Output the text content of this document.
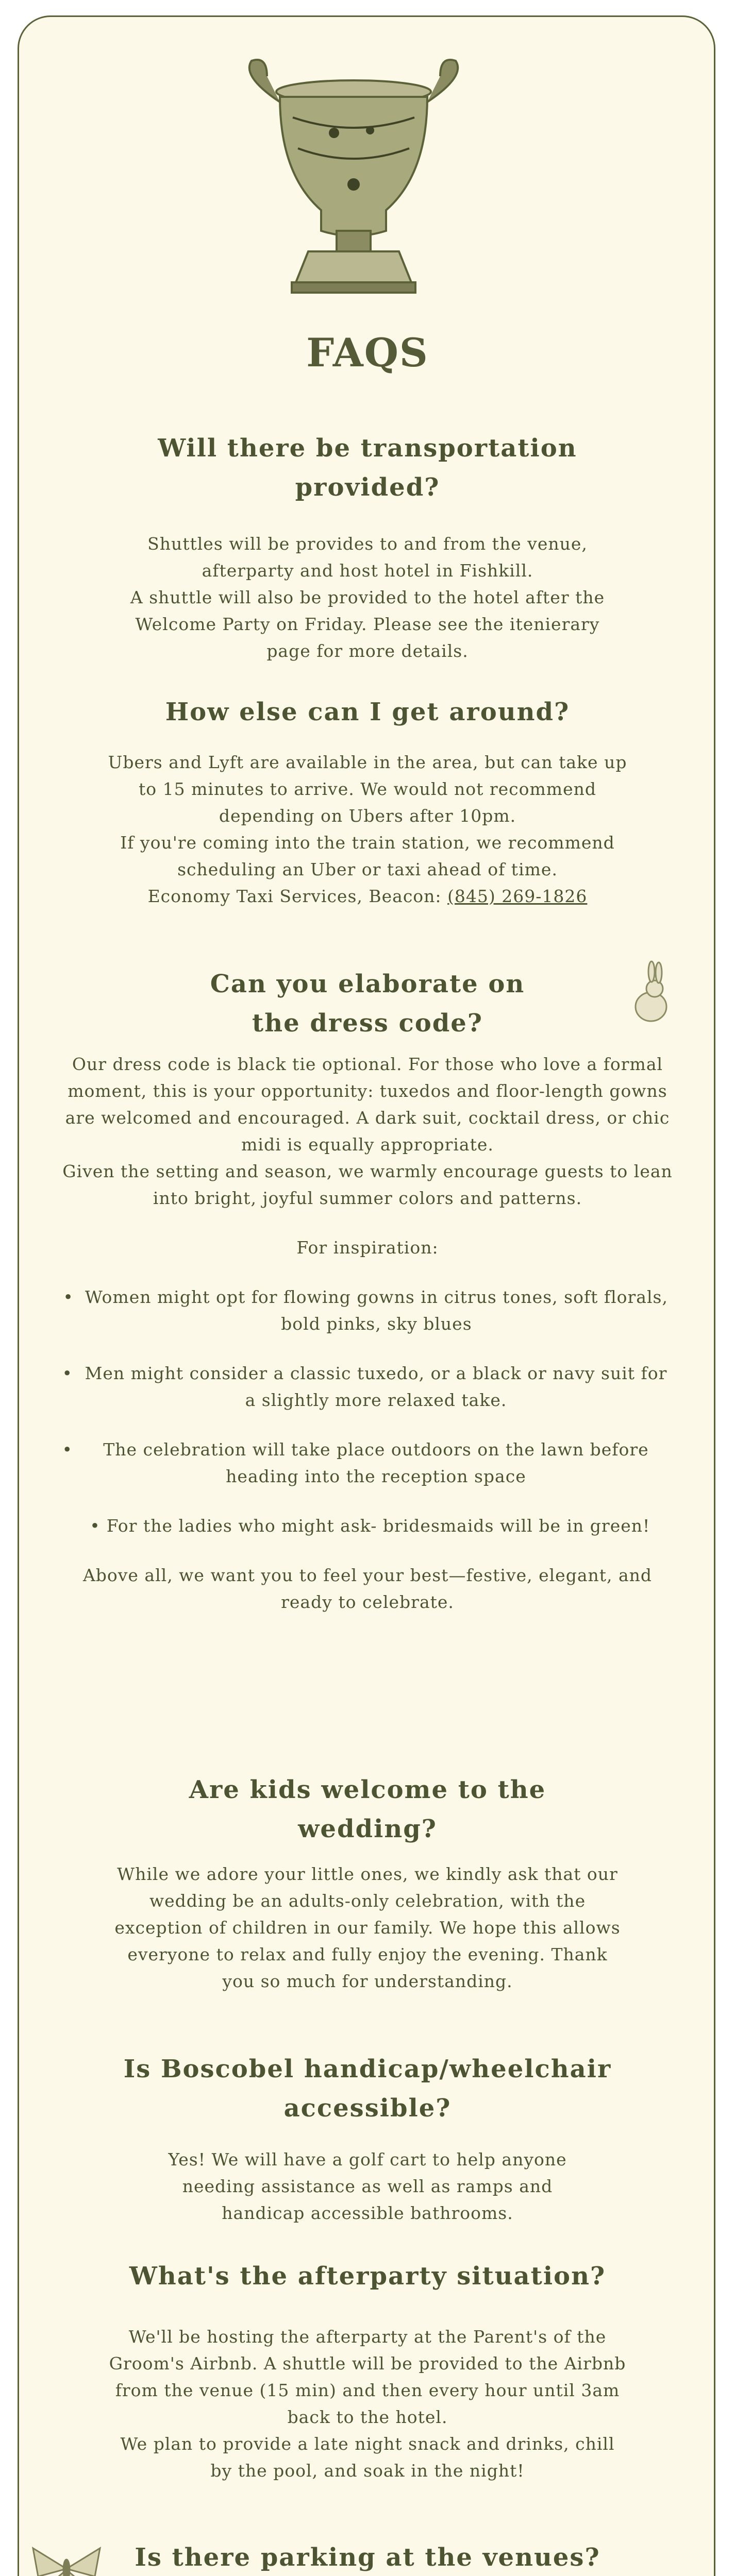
FAQS
Will there be transportation provided?

Shuttles will be provides to and from the venue, afterparty and host hotel in Fishkill.

A shuttle will also be provided to the hotel after the Welcome Party on Friday. Please see the itenierary page for more details.

How else can I get around?

Ubers and Lyft are available in the area, but can take up to 15 minutes to arrive. We would not recommend depending on Ubers after 10pm.

If you're coming into the train station, we recommend scheduling an Uber or taxi ahead of time.

Economy Taxi Services, Beacon: (845) 269-1826

Can you elaborate on the dress code?

Our dress code is black tie optional. For those who love a formal moment, this is your opportunity: tuxedos and floor-length gowns are welcomed and encouraged. A dark suit, cocktail dress, or chic midi is equally appropriate.

Given the setting and season, we warmly encourage guests to lean into bright, joyful summer colors and patterns.

For inspiration:

• Women might opt for flowing gowns in citrus tones, soft florals, bold pinks, sky blues

• Men might consider a classic tuxedo, or a black or navy suit for a slightly more relaxed take.

•	The celebration will take place outdoors on the lawn before heading into the reception space

• For the ladies who might ask- bridesmaids will be in green!

Above all, we want you to feel your best—festive, elegant, and ready to celebrate.

Are kids welcome to the wedding?

While we adore your little ones, we kindly ask that our wedding be an adults-only celebration, with the exception of children in our family. We hope this allows everyone to relax and fully enjoy the evening. Thank you so much for understanding.

Is Boscobel handicap/wheelchair accessible?

Yes! We will have a golf cart to help anyone needing assistance as well as ramps and handicap accessible bathrooms.

What's the afterparty situation?

We'll be hosting the afterparty at the Parent's of the Groom's Airbnb. A shuttle will be provided to the Airbnb from the venue (15 min) and then every hour until 3am back to the hotel.

We plan to provide a late night snack and drinks, chill by the pool, and soak in the night!

Is there parking at the venues?
